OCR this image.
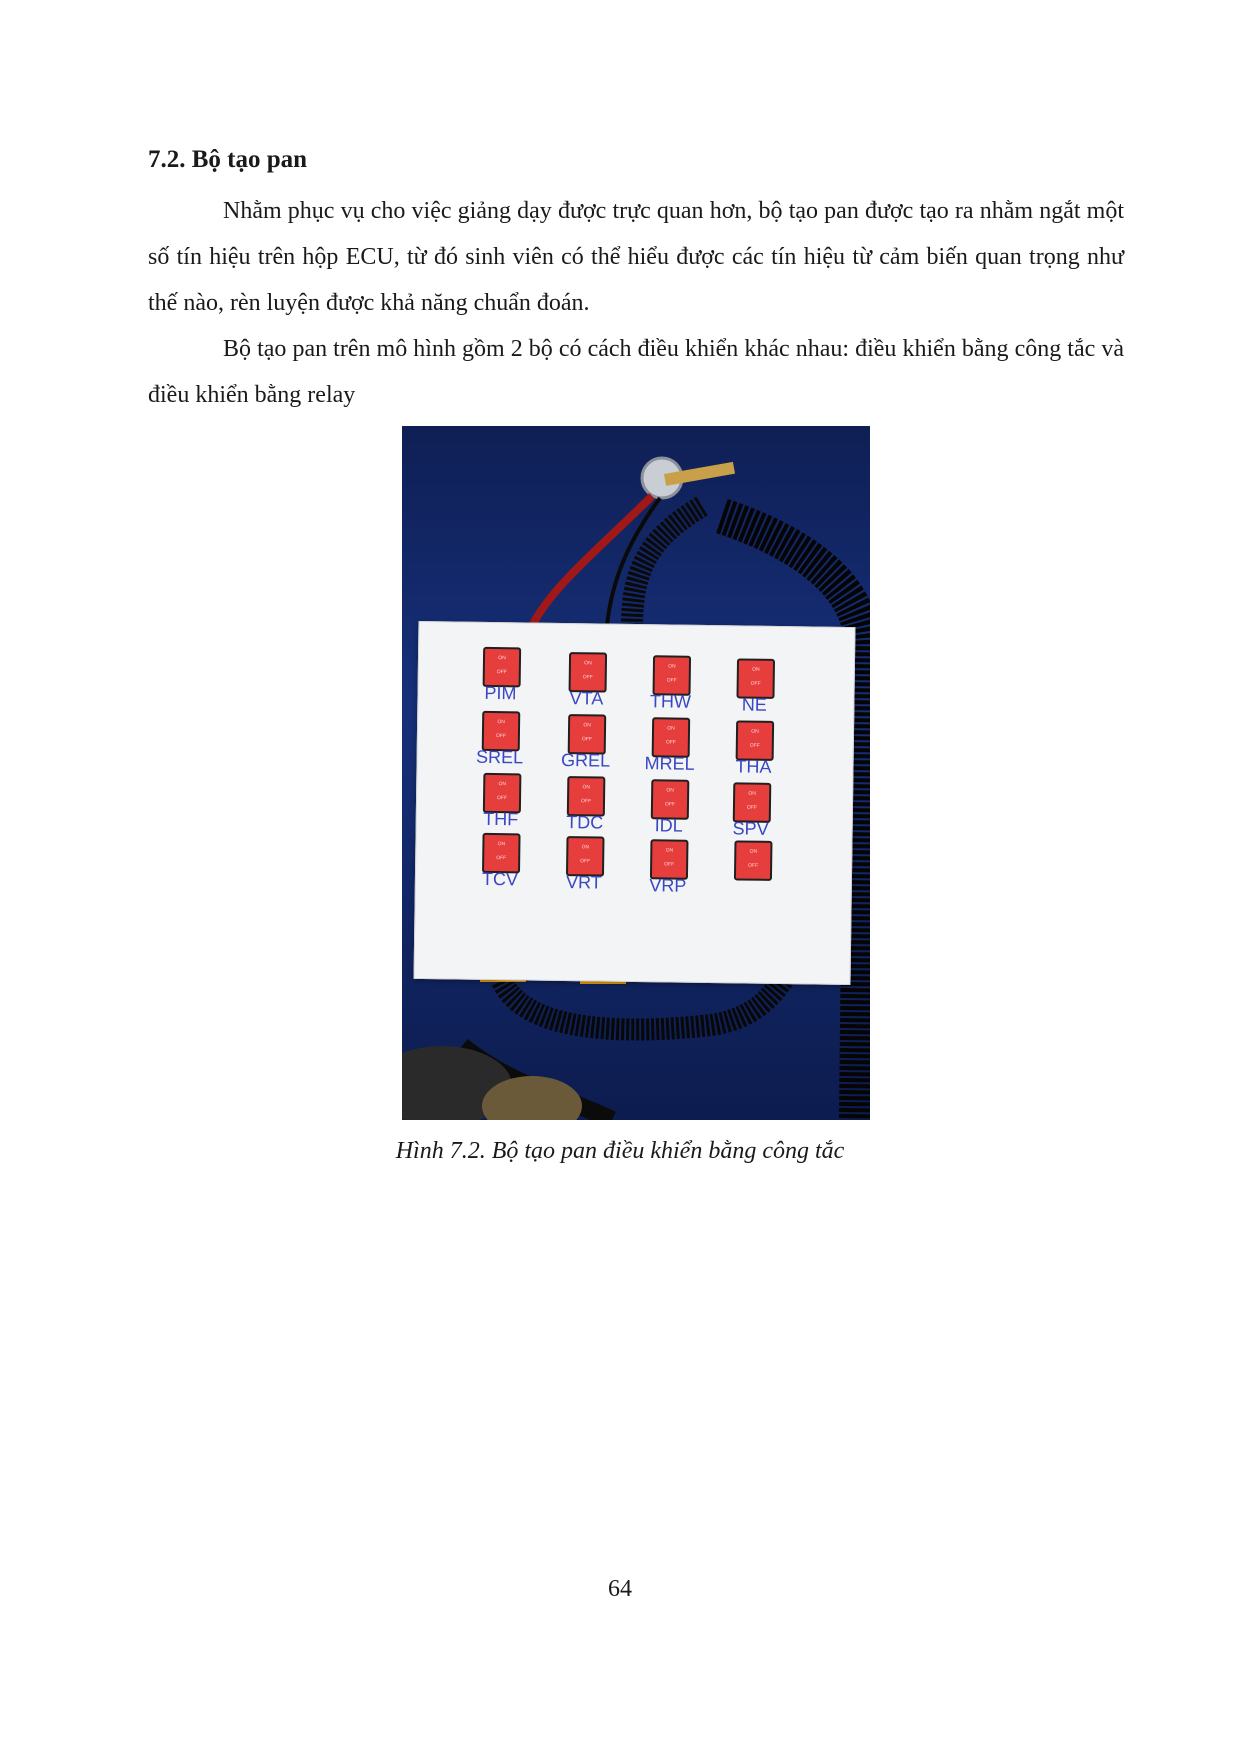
7.2. Bộ tạo pan

Nhằm phục vụ cho việc giảng dạy được trực quan hơn, bộ tạo pan được tạo ra nhằm ngắt một số tín hiệu trên hộp ECU, từ đó sinh viên có thể hiểu được các tín hiệu từ cảm biến quan trọng như thế nào, rèn luyện được khả năng chuẩn đoán.

Bộ tạo pan trên mô hình gồm 2 bộ có cách điều khiển khác nhau: điều khiển bằng công tắc và điều khiển bằng relay

ON
OFF
PIM
ON
OFF
VTA
ON
OFF
THW
ON
OFF
NE
ON
OFF
SREL
ON
OFF
GREL
ON
OFF
MREL
ON
OFF
THA
ON
OFF
THF
ON
OFF
TDC
ON
OFF
IDL
ON
OFF
SPV
ON
OFF
TCV
ON
OFF
VRT
ON
OFF
VRP
ON
OFF

Hình 7.2. Bộ tạo pan điều khiển bằng công tắc

64
